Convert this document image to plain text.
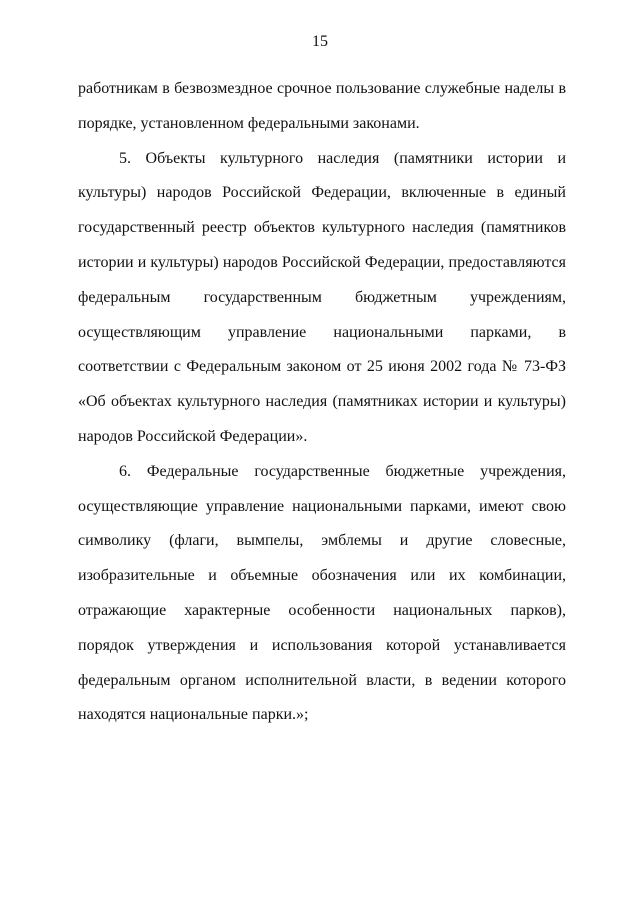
15

работникам в безвозмездное срочное пользование служебные наделы в порядке, установленном федеральными законами.

5. Объекты культурного наследия (памятники истории и культуры) народов Российской Федерации, включенные в единый государственный реестр объектов культурного наследия (памятников истории и культуры) народов Российской Федерации, предоставляются федеральным государственным бюджетным учреждениям, осуществляющим управление национальными парками, в соответствии с Федеральным законом от 25 июня 2002 года № 73-ФЗ «Об объектах культурного наследия (памятниках истории и культуры) народов Российской Федерации».

6. Федеральные государственные бюджетные учреждения, осуществляющие управление национальными парками, имеют свою символику (флаги, вымпелы, эмблемы и другие словесные, изобразительные и объемные обозначения или их комбинации, отражающие характерные особенности национальных парков), порядок утверждения и использования которой устанавливается федеральным органом исполнительной власти, в ведении которого находятся национальные парки.»;
